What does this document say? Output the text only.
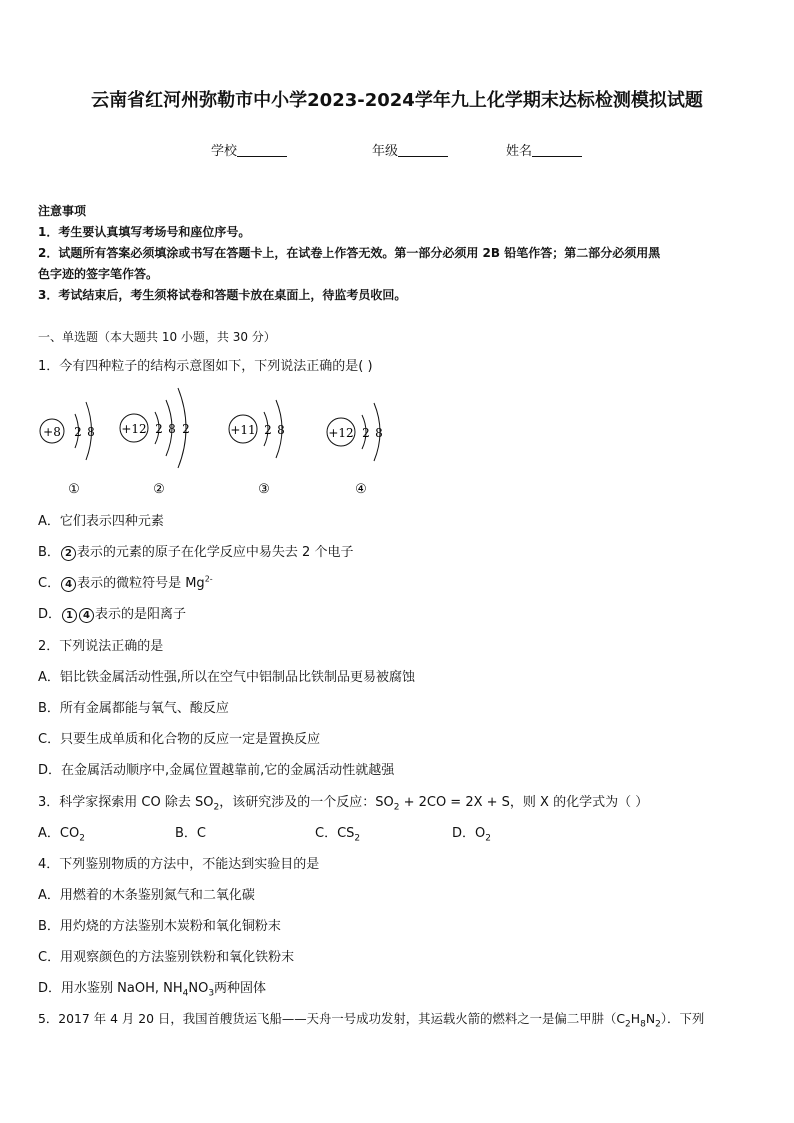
云南省红河州弥勒市中小学2023-2024学年九上化学期末达标检测模拟试题
学校	年级	姓名
注意事项
1．考生要认真填写考场号和座位序号。
2．试题所有答案必须填涂或书写在答题卡上，在试卷上作答无效。第一部分必须用 2B 铅笔作答；第二部分必须用黑
色字迹的签字笔作答。
3．考试结束后，考生须将试卷和答题卡放在桌面上，待监考员收回。
一、单选题（本大题共 10 小题，共 30 分）
1．今有四种粒子的结构示意图如下，下列说法正确的是( )
+8 2 8
①
+12 2 8 2
②
+11 2 8
③
+12 2 8
④
A．它们表示四种元素
B． 2 表示的元素的原子在化学反应中易失去 2 个电子
C． 4 表示的微粒符号是 $Mg^{2-}$
D． 1 4 表示的是阳离子
2．下列说法正确的是
A．铝比铁金属活动性强,所以在空气中铝制品比铁制品更易被腐蚀
B．所有金属都能与氧气、酸反应
C．只要生成单质和化合物的反应一定是置换反应
D．在金属活动顺序中,金属位置越靠前,它的金属活动性就越强
3．科学家探索用 CO 除去 $SO_2$，该研究涉及的一个反应：$SO_2 + 2CO = 2X + S$，则 X 的化学式为（ ）
A．$CO_2$	B．C	C．$CS_2$	D．$O_2$
4．下列鉴别物质的方法中，不能达到实验目的是
A．用燃着的木条鉴别氮气和二氧化碳
B．用灼烧的方法鉴别木炭粉和氧化铜粉末
C．用观察颜色的方法鉴别铁粉和氧化铁粉末
D．用水鉴别 NaOH, $NH_4NO_3$两种固体
5．2017 年 4 月 20 日，我国首艘货运飞船——天舟一号成功发射，其运载火箭的燃料之一是偏二甲肼$(C_2H_8N_2)$．下列
